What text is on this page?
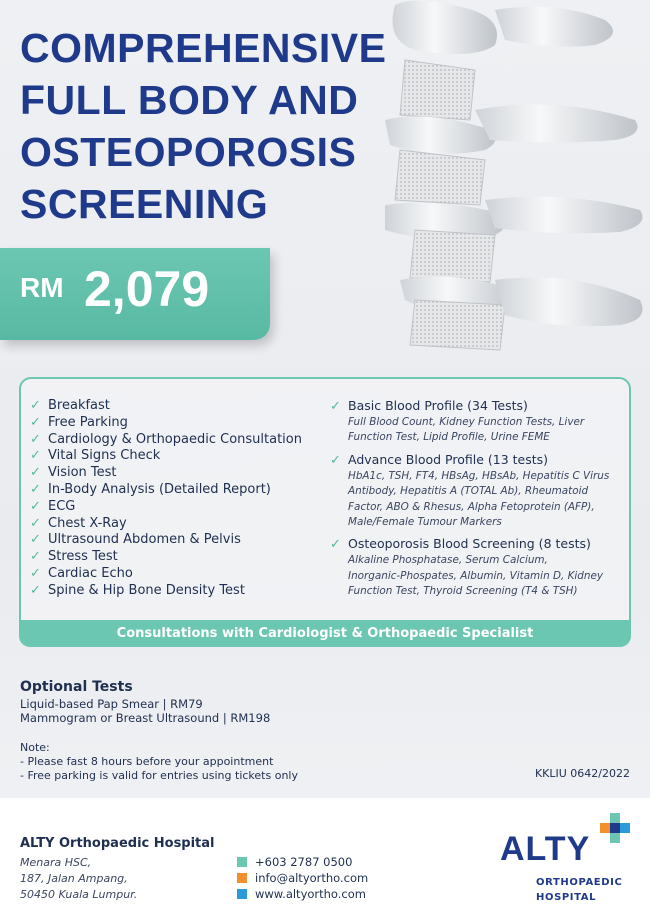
COMPREHENSIVE
FULL BODY AND
OSTEOPOROSIS
SCREENING
RM 2,079
✓ Breakfast
✓ Free Parking
✓ Cardiology & Orthopaedic Consultation
✓ Vital Signs Check
✓ Vision Test
✓ In-Body Analysis (Detailed Report)
✓ ECG
✓ Chest X-Ray
✓ Ultrasound Abdomen & Pelvis
✓ Stress Test
✓ Cardiac Echo
✓ Spine & Hip Bone Density Test
✓ Basic Blood Profile (34 Tests)
Full Blood Count, Kidney Function Tests, Liver
Function Test, Lipid Profile, Urine FEME
✓ Advance Blood Profile (13 tests)
HbA1c, TSH, FT4, HBsAg, HBsAb, Hepatitis C Virus
Antibody, Hepatitis A (TOTAL Ab), Rheumatoid
Factor, ABO & Rhesus, Alpha Fetoprotein (AFP),
Male/Female Tumour Markers
✓ Osteoporosis Blood Screening (8 tests)
Alkaline Phosphatase, Serum Calcium,
Inorganic-Phospates, Albumin, Vitamin D, Kidney
Function Test, Thyroid Screening (T4 & TSH)
Consultations with Cardiologist & Orthopaedic Specialist
Optional Tests
Liquid-based Pap Smear | RM79
Mammogram or Breast Ultrasound | RM198
Note:
- Please fast 8 hours before your appointment
- Free parking is valid for entries using tickets only	KKLIU 0642/2022
ALTY Orthopaedic Hospital
Menara HSC,
187, Jalan Ampang,
50450 Kuala Lumpur.
+603 2787 0500
info@altyortho.com
www.altyortho.com
ALTY
ORTHOPAEDIC
HOSPITAL
